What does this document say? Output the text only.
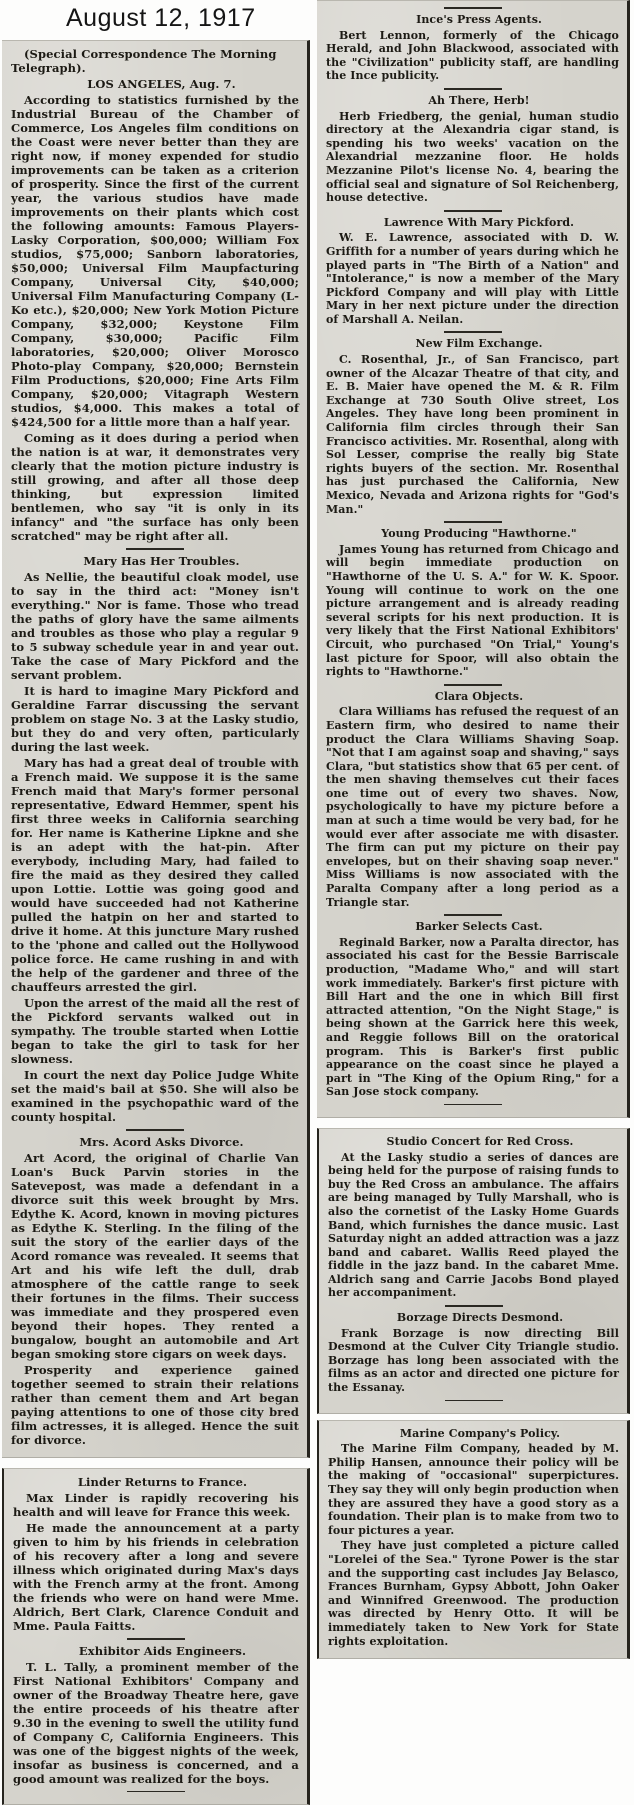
August 12, 1917

(Special Correspondence The Morning Telegraph).

LOS ANGELES, Aug. 7.

According to statistics furnished by the Industrial Bureau of the Chamber of Commerce, Los Angeles film conditions on the Coast were never better than they are right now, if money expended for studio improvements can be taken as a criterion of prosperity. Since the first of the current year, the various studios have made improvements on their plants which cost the following amounts: Famous Players-Lasky Corporation, $00,000; William Fox studios, $75,000; Sanborn laboratories, $50,000; Universal Film Maupfacturing Company, Universal City, $40,000; Universal Film Manufacturing Company (L-Ko etc.), $20,000; New York Motion Picture Company, $32,000; Keystone Film Company, $30,000; Pacific Film laboratories, $20,000; Oliver Morosco Photo-play Company, $20,000; Bernstein Film Productions, $20,000; Fine Arts Film Company, $20,000; Vitagraph Western studios, $4,000. This makes a total of $424,500 for a little more than a half year.

Coming as it does during a period when the nation is at war, it demonstrates very clearly that the motion picture industry is still growing, and after all those deep thinking, but expression limited bentlemen, who say "it is only in its infancy" and "the surface has only been scratched" may be right after all.

Mary Has Her Troubles.

As Nellie, the beautiful cloak model, use to say in the third act: "Money isn't everything." Nor is fame. Those who tread the paths of glory have the same ailments and troubles as those who play a regular 9 to 5 subway schedule year in and year out. Take the case of Mary Pickford and the servant problem.

It is hard to imagine Mary Pickford and Geraldine Farrar discussing the servant problem on stage No. 3 at the Lasky studio, but they do and very often, particularly during the last week.

Mary has had a great deal of trouble with a French maid. We suppose it is the same French maid that Mary's former personal representative, Edward Hemmer, spent his first three weeks in California searching for. Her name is Katherine Lipkne and she is an adept with the hat-pin. After everybody, including Mary, had failed to fire the maid as they desired they called upon Lottie. Lottie was going good and would have succeeded had not Katherine pulled the hatpin on her and started to drive it home. At this juncture Mary rushed to the 'phone and called out the Hollywood police force. He came rushing in and with the help of the gardener and three of the chauffeurs arrested the girl.

Upon the arrest of the maid all the rest of the Pickford servants walked out in sympathy. The trouble started when Lottie began to take the girl to task for her slowness.

In court the next day Police Judge White set the maid's bail at $50. She will also be examined in the psychopathic ward of the county hospital.

Mrs. Acord Asks Divorce.

Art Acord, the original of Charlie Van Loan's Buck Parvin stories in the Satevepost, was made a defendant in a divorce suit this week brought by Mrs. Edythe K. Acord, known in moving pictures as Edythe K. Sterling. In the filing of the suit the story of the earlier days of the Acord romance was revealed. It seems that Art and his wife left the dull, drab atmosphere of the cattle range to seek their fortunes in the films. Their success was immediate and they prospered even beyond their hopes. They rented a bungalow, bought an automobile and Art began smoking store cigars on week days.

Prosperity and experience gained together seemed to strain their relations rather than cement them and Art began paying attentions to one of those city bred film actresses, it is alleged. Hence the suit for divorce.

Linder Returns to France.

Max Linder is rapidly recovering his health and will leave for France this week.

He made the announcement at a party given to him by his friends in celebration of his recovery after a long and severe illness which originated during Max's days with the French army at the front. Among the friends who were on hand were Mme. Aldrich, Bert Clark, Clarence Conduit and Mme. Paula Faitts.

Exhibitor Aids Engineers.

T. L. Tally, a prominent member of the First National Exhibitors' Company and owner of the Broadway Theatre here, gave the entire proceeds of his theatre after 9.30 in the evening to swell the utility fund of Company C, California Engineers. This was one of the biggest nights of the week, insofar as business is concerned, and a good amount was realized for the boys.

Ince's Press Agents.

Bert Lennon, formerly of the Chicago Herald, and John Blackwood, associated with the "Civilization" publicity staff, are handling the Ince publicity.

Ah There, Herb!

Herb Friedberg, the genial, human studio directory at the Alexandria cigar stand, is spending his two weeks' vacation on the Alexandrial mezzanine floor. He holds Mezzanine Pilot's license No. 4, bearing the official seal and signature of Sol Reichenberg, house detective.

Lawrence With Mary Pickford.

W. E. Lawrence, associated with D. W. Griffith for a number of years during which he played parts in "The Birth of a Nation" and "Intolerance," is now a member of the Mary Pickford Company and will play with Little Mary in her next picture under the direction of Marshall A. Neilan.

New Film Exchange.

C. Rosenthal, Jr., of San Francisco, part owner of the Alcazar Theatre of that city, and E. B. Maier have opened the M. & R. Film Exchange at 730 South Olive street, Los Angeles. They have long been prominent in California film circles through their San Francisco activities. Mr. Rosenthal, along with Sol Lesser, comprise the really big State rights buyers of the section. Mr. Rosenthal has just purchased the California, New Mexico, Nevada and Arizona rights for "God's Man."

Young Producing "Hawthorne."

James Young has returned from Chicago and will begin immediate production on "Hawthorne of the U. S. A." for W. K. Spoor. Young will continue to work on the one picture arrangement and is already reading several scripts for his next production. It is very likely that the First National Exhibitors' Circuit, who purchased "On Trial," Young's last picture for Spoor, will also obtain the rights to "Hawthorne."

Clara Objects.

Clara Williams has refused the request of an Eastern firm, who desired to name their product the Clara Williams Shaving Soap. "Not that I am against soap and shaving," says Clara, "but statistics show that 65 per cent. of the men shaving themselves cut their faces one time out of every two shaves. Now, psychologically to have my picture before a man at such a time would be very bad, for he would ever after associate me with disaster. The firm can put my picture on their pay envelopes, but on their shaving soap never." Miss Williams is now associated with the Paralta Company after a long period as a Triangle star.

Barker Selects Cast.

Reginald Barker, now a Paralta director, has associated his cast for the Bessie Barriscale production, "Madame Who," and will start work immediately. Barker's first picture with Bill Hart and the one in which Bill first attracted attention, "On the Night Stage," is being shown at the Garrick here this week, and Reggie follows Bill on the oratorical program. This is Barker's first public appearance on the coast since he played a part in "The King of the Opium Ring," for a San Jose stock company.

Studio Concert for Red Cross.

At the Lasky studio a series of dances are being held for the purpose of raising funds to buy the Red Cross an ambulance. The affairs are being managed by Tully Marshall, who is also the cornetist of the Lasky Home Guards Band, which furnishes the dance music. Last Saturday night an added attraction was a jazz band and cabaret. Wallis Reed played the fiddle in the jazz band. In the cabaret Mme. Aldrich sang and Carrie Jacobs Bond played her accompaniment.

Borzage Directs Desmond.

Frank Borzage is now directing Bill Desmond at the Culver City Triangle studio. Borzage has long been associated with the films as an actor and directed one picture for the Essanay.

Marine Company's Policy.

The Marine Film Company, headed by M. Philip Hansen, announce their policy will be the making of "occasional" superpictures. They say they will only begin production when they are assured they have a good story as a foundation. Their plan is to make from two to four pictures a year.

They have just completed a picture called "Lorelei of the Sea." Tyrone Power is the star and the supporting cast includes Jay Belasco, Frances Burnham, Gypsy Abbott, John Oaker and Winnifred Greenwood. The production was directed by Henry Otto. It will be immediately taken to New York for State rights exploitation.
